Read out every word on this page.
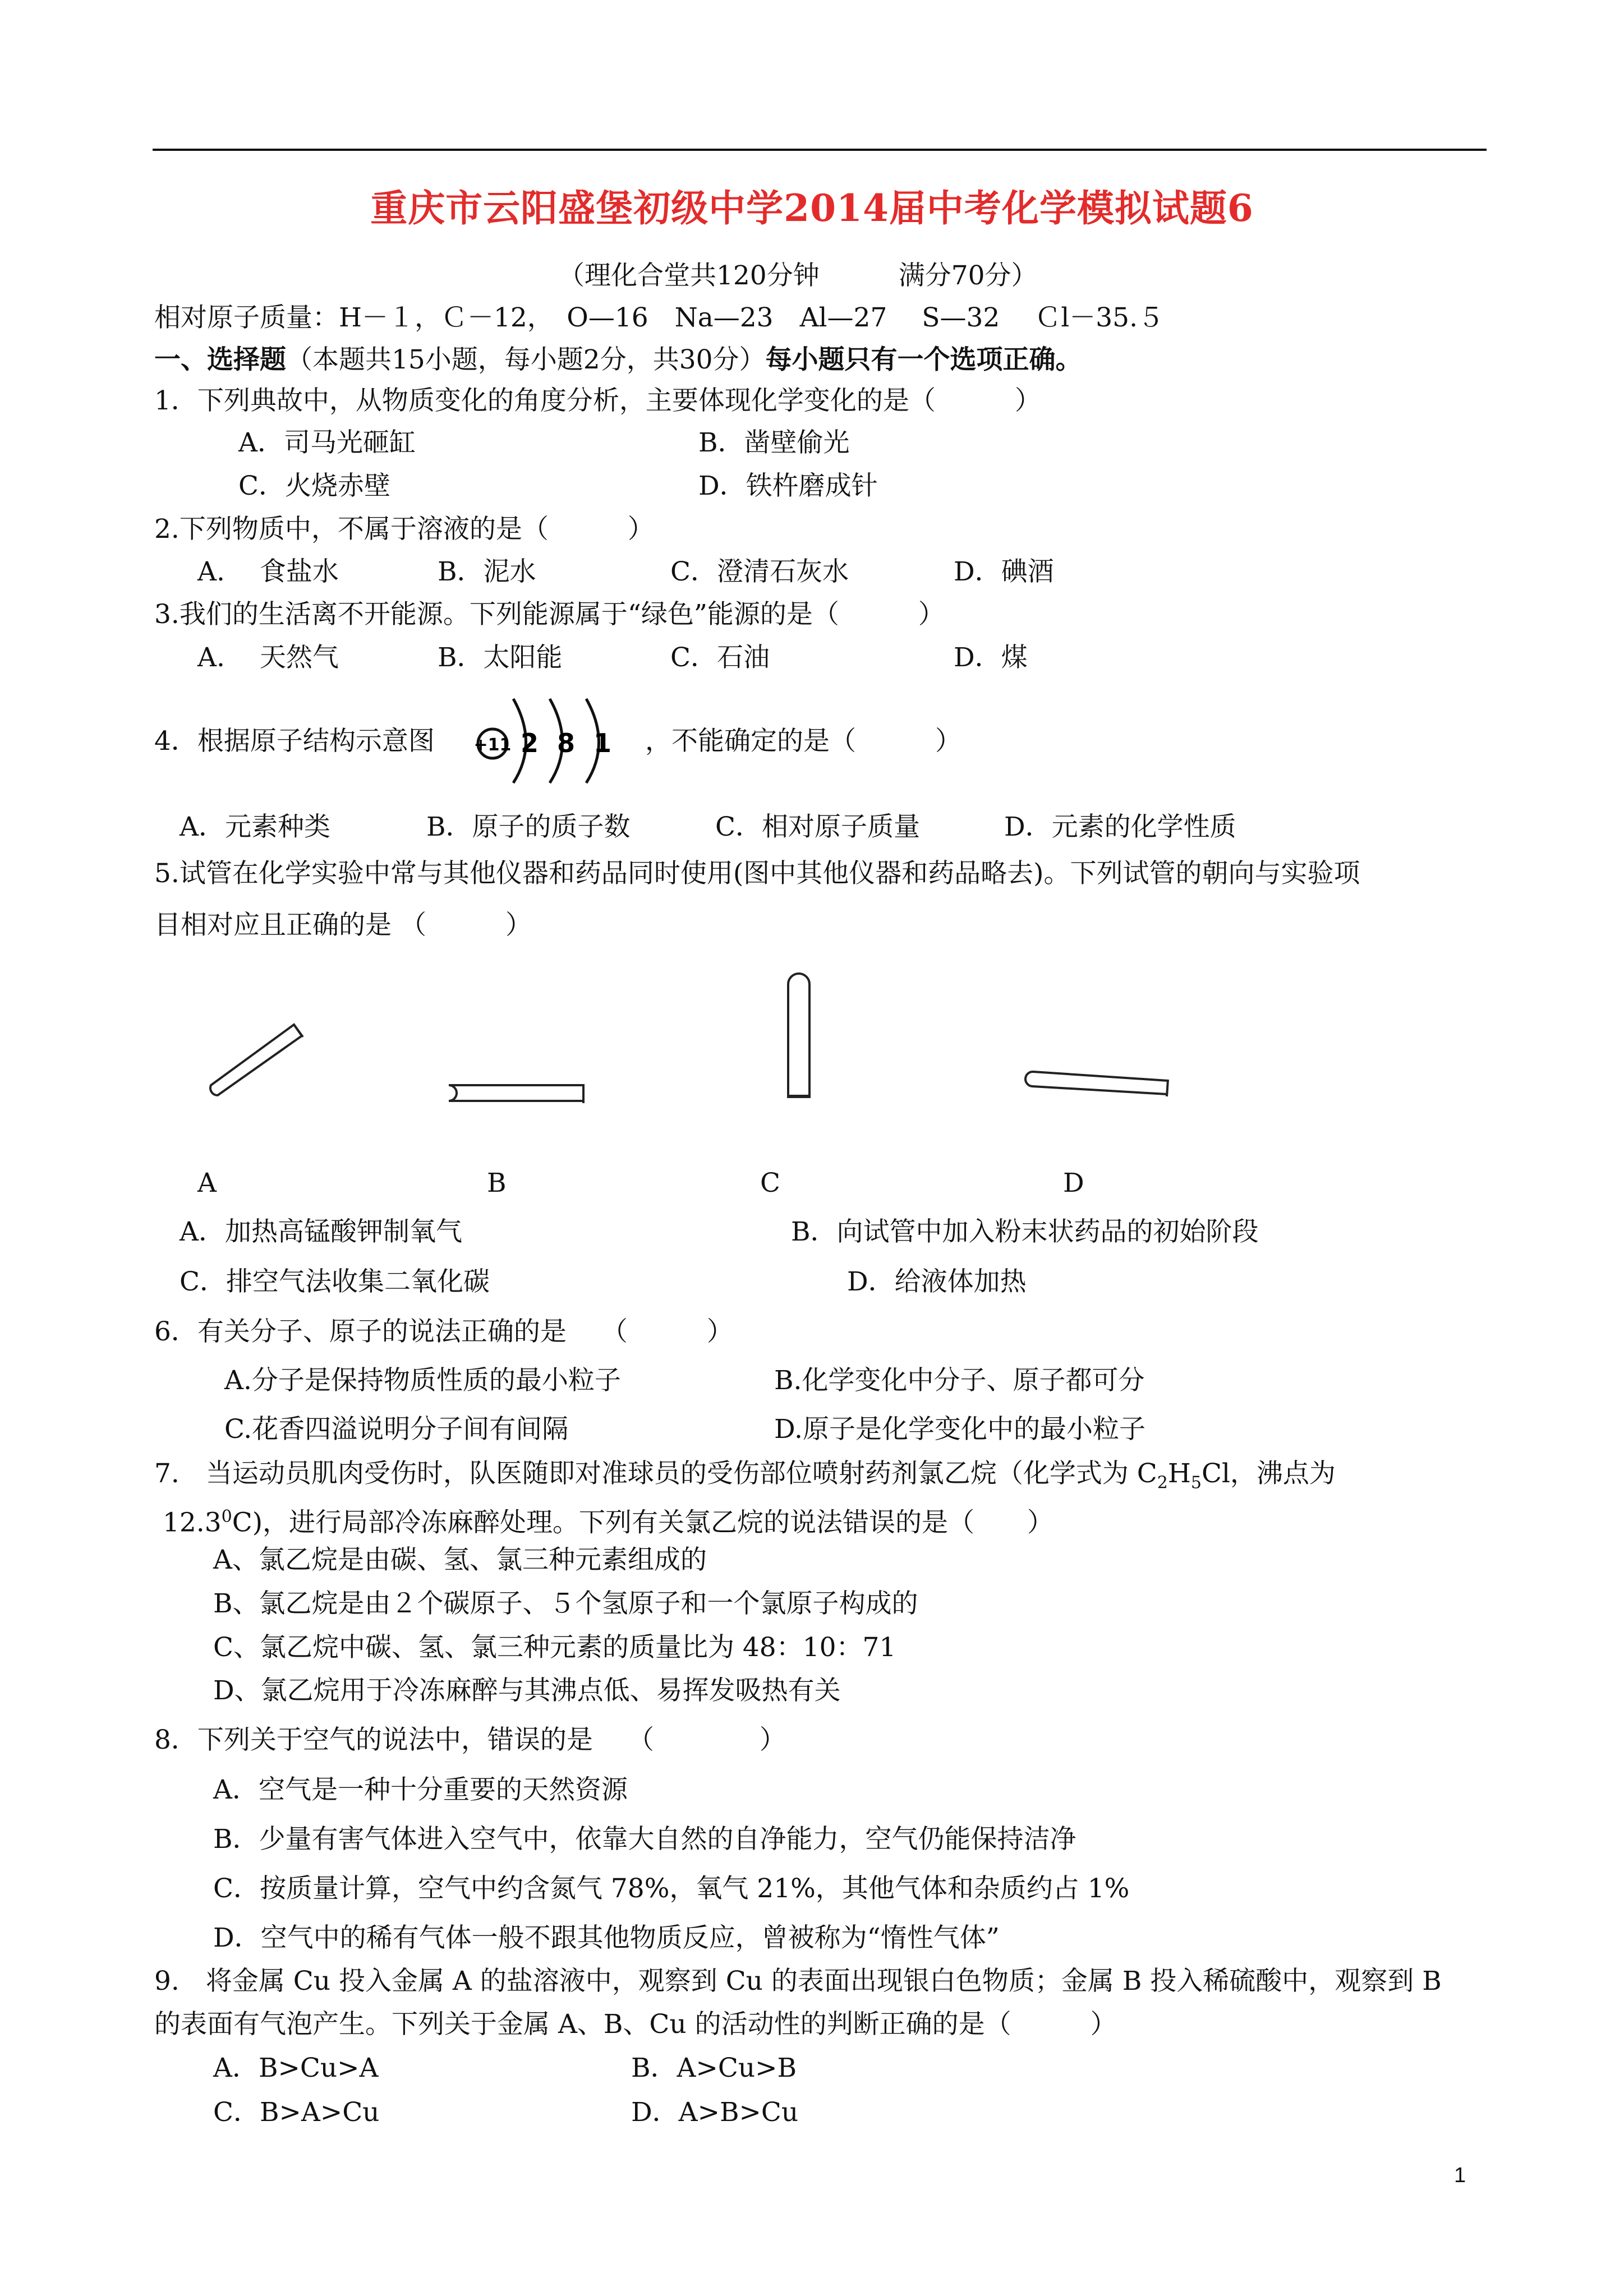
重庆市云阳盛堡初级中学2014届中考化学模拟试题6
（理化合堂共120分钟　　　满分70分）
相对原子质量：H－１，Ｃ－12，　O—16　Na—23　Al—27　 S—32 　Ｃl－35.５
一、选择题（本题共15小题，每小题2分，共30分）每小题只有一个选项正确。
1．下列典故中，从物质变化的角度分析，主要体现化学变化的是（　　　）
A．司马光砸缸	B．凿壁偷光
C．火烧赤壁	D．铁杵磨成针
2.下列物质中，不属于溶液的是（　　　）
A.　 食盐水	B．泥水	C．澄清石灰水	D．碘酒
3.我们的生活离不开能源。下列能源属于“绿色”能源的是（　　　）
A.　 天然气	B．太阳能	C．石油	D．煤
4．根据原子结构示意图 +11 2 8 1 ，不能确定的是（　　　）
A．元素种类	B．原子的质子数	C．相对原子质量	D．元素的化学性质
5.试管在化学实验中常与其他仪器和药品同时使用(图中其他仪器和药品略去)。下列试管的朝向与实验项
目相对应且正确的是 （　　　）
A	B	C	D
A．加热高锰酸钾制氧气	B．向试管中加入粉末状药品的初始阶段
C．排空气法收集二氧化碳	D．给液体加热
6．有关分子、原子的说法正确的是　 （　　　）
A.分子是保持物质性质的最小粒子	B.化学变化中分子、原子都可分
C.花香四溢说明分子间有间隔	D.原子是化学变化中的最小粒子
7.　当运动员肌肉受伤时，队医随即对准球员的受伤部位喷射药剂氯乙烷（化学式为 $C_2H_5Cl$，沸点为
12.3$^0$C)，进行局部冷冻麻醉处理。下列有关氯乙烷的说法错误的是（　　）
A、氯乙烷是由碳、氢、氯三种元素组成的
B、氯乙烷是由２个碳原子、５个氢原子和一个氯原子构成的
C、氯乙烷中碳、氢、氯三种元素的质量比为 48：10：71
D、氯乙烷用于冷冻麻醉与其沸点低、易挥发吸热有关
8．下列关于空气的说法中，错误的是　 （　　　　）
A．空气是一种十分重要的天然资源
B．少量有害气体进入空气中，依靠大自然的自净能力，空气仍能保持洁净
C．按质量计算，空气中约含氮气 78%，氧气 21%，其他气体和杂质约占 1%
D．空气中的稀有气体一般不跟其他物质反应，曾被称为“惰性气体”
9.　将金属 Cu 投入金属 A 的盐溶液中，观察到 Cu 的表面出现银白色物质；金属 B 投入稀硫酸中，观察到 B
的表面有气泡产生。下列关于金属 A、B、Cu 的活动性的判断正确的是（　　　）
A．B>Cu>A	B．A>Cu>B
C．B>A>Cu	D．A>B>Cu
1
